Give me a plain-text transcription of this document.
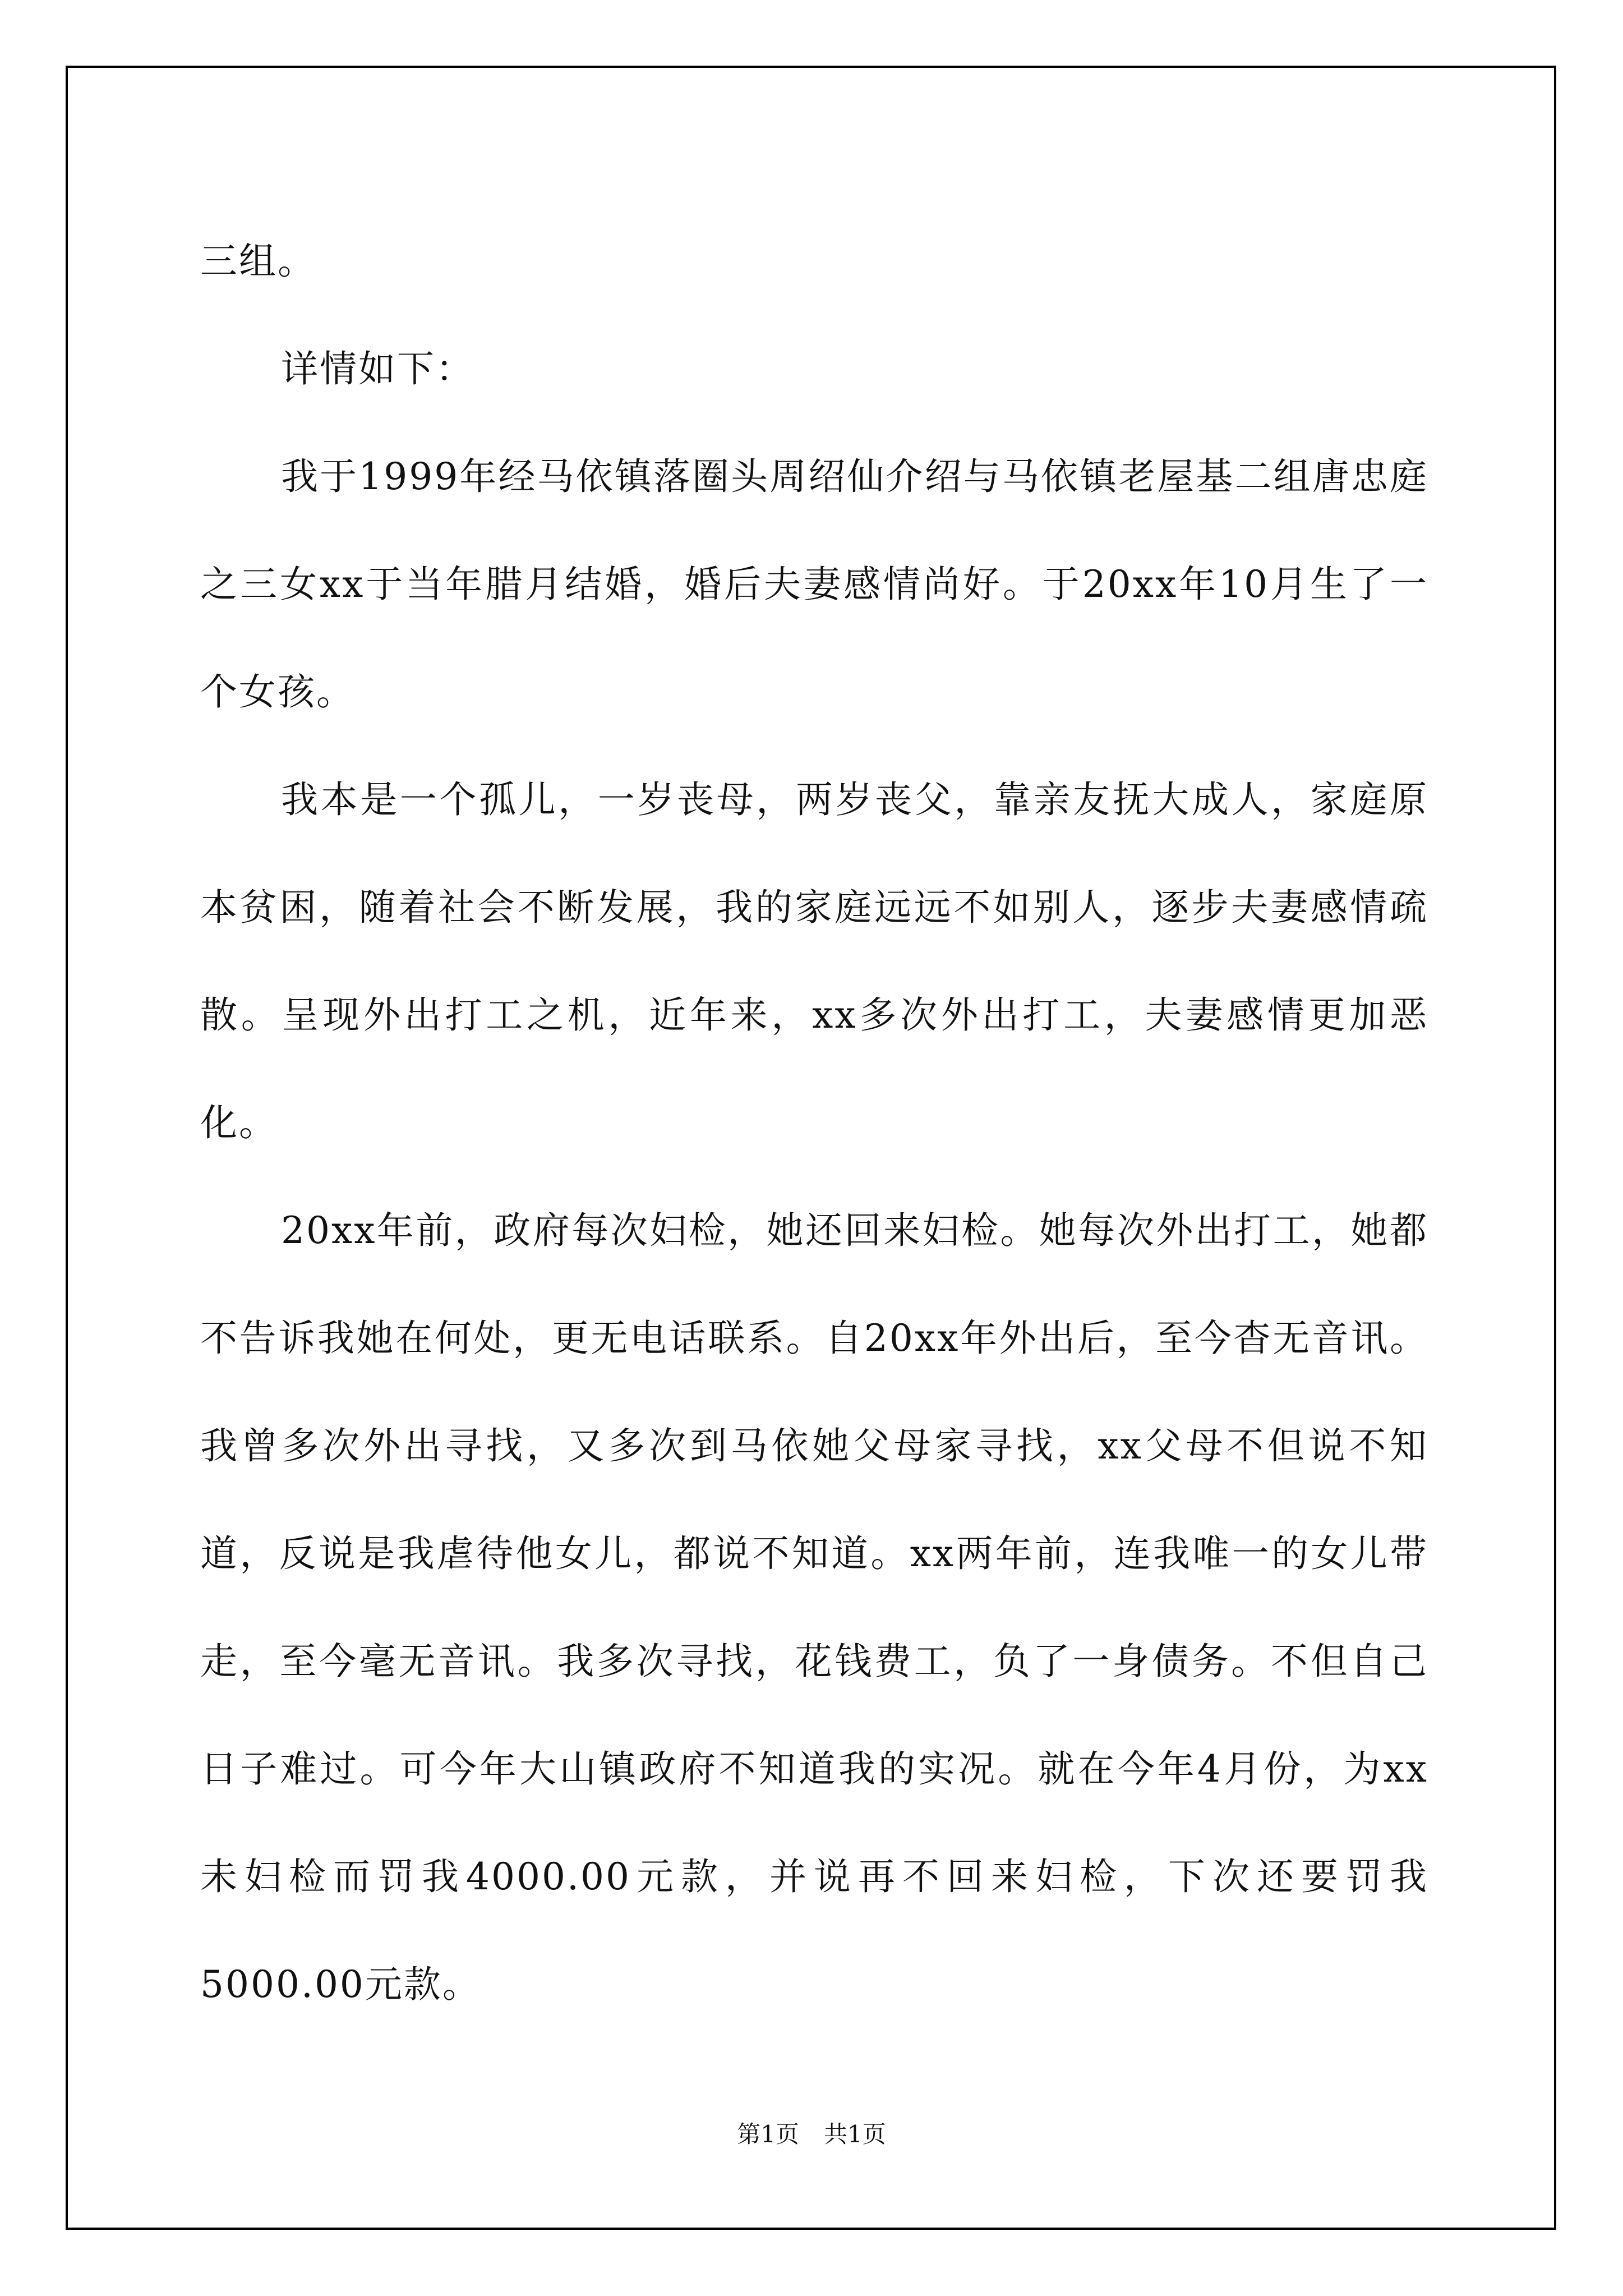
三组。

详情如下：

我于1999年经马依镇落圈头周绍仙介绍与马依镇老屋基二组唐忠庭之三女xx于当年腊月结婚，婚后夫妻感情尚好。于20xx年10月生了一个女孩。

我本是一个孤儿，一岁丧母，两岁丧父，靠亲友抚大成人，家庭原本贫困，随着社会不断发展，我的家庭远远不如别人，逐步夫妻感情疏散。呈现外出打工之机，近年来，xx多次外出打工，夫妻感情更加恶化。

20xx年前，政府每次妇检，她还回来妇检。她每次外出打工，她都不告诉我她在何处，更无电话联系。自20xx年外出后，至今杳无音讯。我曾多次外出寻找，又多次到马依她父母家寻找，xx父母不但说不知道，反说是我虐待他女儿，都说不知道。xx两年前，连我唯一的女儿带走，至今毫无音讯。我多次寻找，花钱费工，负了一身债务。不但自己日子难过。可今年大山镇政府不知道我的实况。就在今年4月份，为xx未妇检而罚我4000.00元款，并说再不回来妇检，下次还要罚我5000.00元款。

第1页 共1页
